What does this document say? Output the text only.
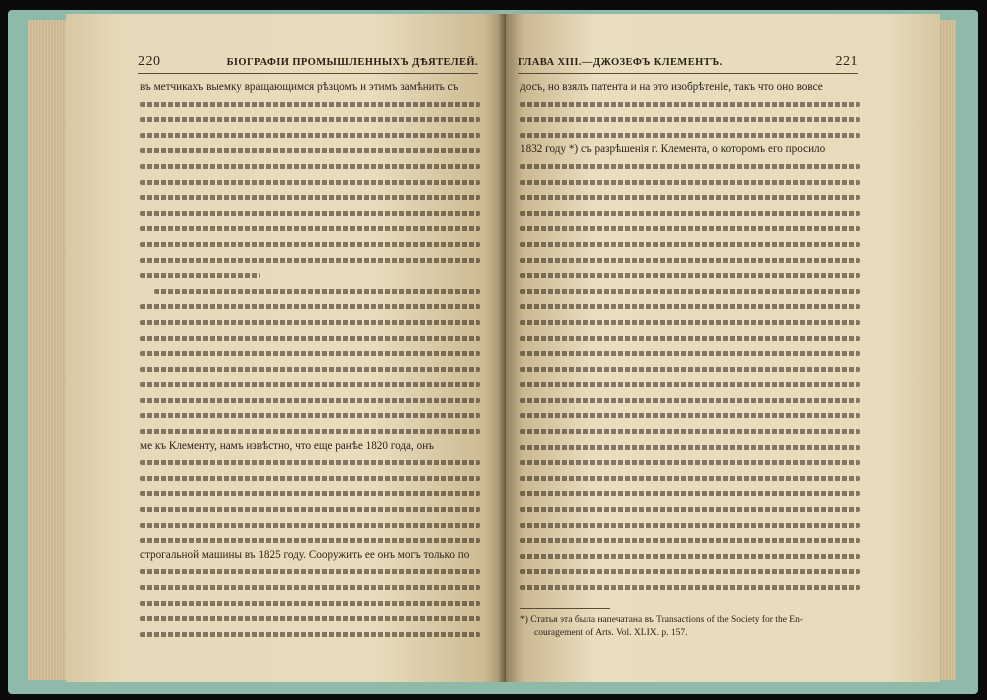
220	БІОГРАФІИ ПРОМЫШЛЕННЫХЪ ДѢЯТЕЛЕЙ.
въ метчикахъ выемку вращающимся рѣзцомъ и этимъ замѣнить съ
ме къ Клементу, намъ извѣстно, что еще ранѣе 1820 года, онъ
строгальной машины въ 1825 году. Сооружить ее онъ могъ только по
ГЛАВА XIII.—ДЖОЗЕФЪ КЛЕМЕНТЪ.	221
досъ, но взялъ патента и на это изобрѣтеніе, такъ что оно вовсе
1832 году *) съ разрѣшенія г. Клемента, о которомъ его просило
*) Статья эта была напечатана въ Transactions of the Society for the En-
couragement of Arts. Vol. XLIX. p. 157.
